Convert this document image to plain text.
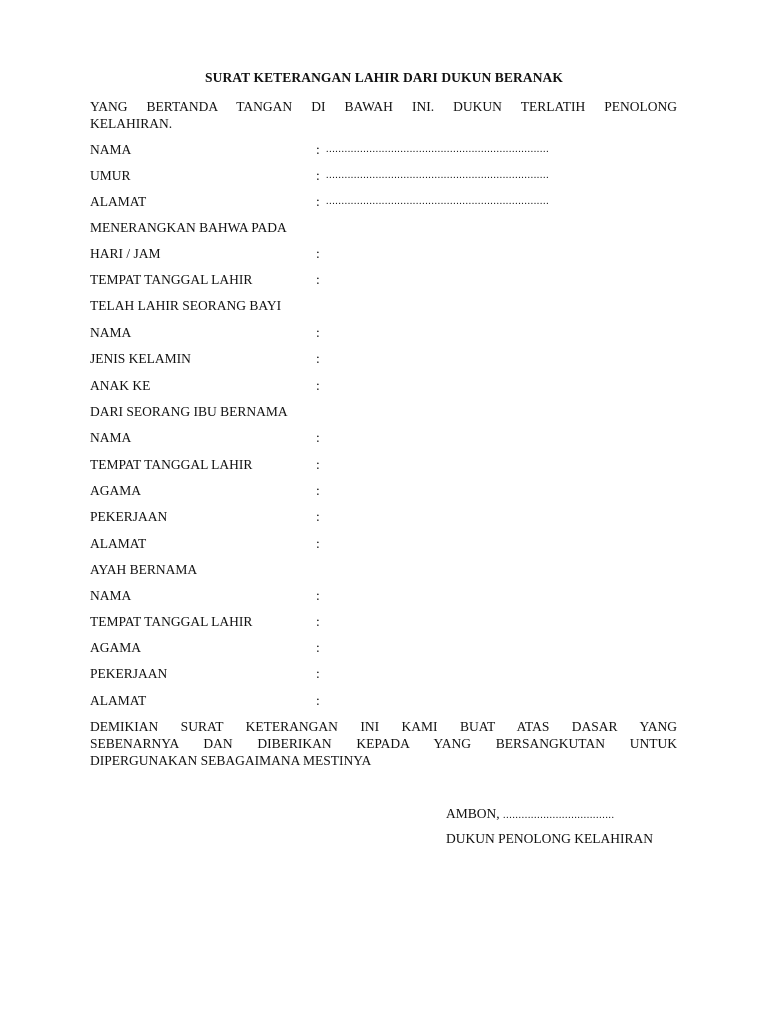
SURAT KETERANGAN LAHIR DARI DUKUN BERANAK
YANG BERTANDA TANGAN DI BAWAH INI. DUKUN TERLATIH PENOLONG
KELAHIRAN.
NAMA	: ........................................................................
UMUR	: ........................................................................
ALAMAT	: ........................................................................
MENERANGKAN BAHWA PADA
HARI / JAM	:
TEMPAT TANGGAL LAHIR	:
TELAH LAHIR SEORANG BAYI
NAMA	:
JENIS KELAMIN	:
ANAK KE	:
DARI SEORANG IBU BERNAMA
NAMA	:
TEMPAT TANGGAL LAHIR	:
AGAMA	:
PEKERJAAN	:
ALAMAT	:
AYAH BERNAMA
NAMA	:
TEMPAT TANGGAL LAHIR	:
AGAMA	:
PEKERJAAN	:
ALAMAT	:
DEMIKIAN SURAT KETERANGAN INI KAMI BUAT ATAS DASAR YANG
SEBENARNYA DAN DIBERIKAN KEPADA YANG BERSANGKUTAN UNTUK
DIPERGUNAKAN SEBAGAIMANA MESTINYA
AMBON, ....................................
DUKUN PENOLONG KELAHIRAN
